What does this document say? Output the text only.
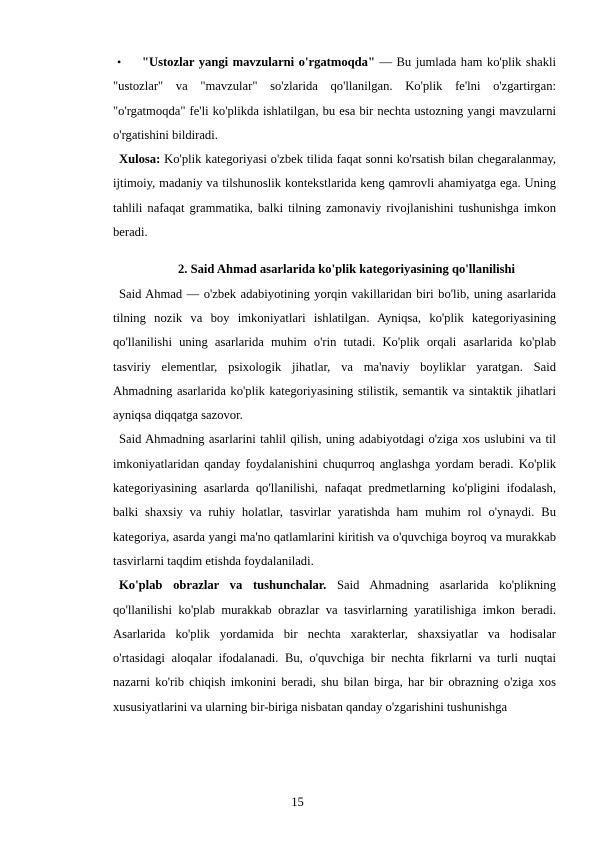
•	"Ustozlar yangi mavzularni o'rgatmoqda" — Bu jumlada ham ko'plik shakli "ustozlar" va "mavzular" so'zlarida qo'llanilgan. Ko'plik fe'lni o'zgartirgan: "o'rgatmoqda" fe'li ko'plikda ishlatilgan, bu esa bir nechta ustozning yangi mavzularni o'rgatishini bildiradi.

Xulosa: Ko'plik kategoriyasi o'zbek tilida faqat sonni ko'rsatish bilan chegaralanmay, ijtimoiy, madaniy va tilshunoslik kontekstlarida keng qamrovli ahamiyatga ega. Uning tahlili nafaqat grammatika, balki tilning zamonaviy rivojlanishini tushunishga imkon beradi.

2. Said Ahmad asarlarida ko'plik kategoriyasining qo'llanilishi

Said Ahmad — o'zbek adabiyotining yorqin vakillaridan biri bo'lib, uning asarlarida tilning nozik va boy imkoniyatlari ishlatilgan. Ayniqsa, ko'plik kategoriyasining qo'llanilishi uning asarlarida muhim o'rin tutadi. Ko'plik orqali asarlarida ko'plab tasviriy elementlar, psixologik jihatlar, va ma'naviy boyliklar yaratgan. Said Ahmadning asarlarida ko'plik kategoriyasining stilistik, semantik va sintaktik jihatlari ayniqsa diqqatga sazovor.

Said Ahmadning asarlarini tahlil qilish, uning adabiyotdagi o'ziga xos uslubini va til imkoniyatlaridan qanday foydalanishini chuqurroq anglashga yordam beradi. Ko'plik kategoriyasining asarlarda qo'llanilishi, nafaqat predmetlarning ko'pligini ifodalash, balki shaxsiy va ruhiy holatlar, tasvirlar yaratishda ham muhim rol o'ynaydi. Bu kategoriya, asarda yangi ma'no qatlamlarini kiritish va o'quvchiga boyroq va murakkab tasvirlarni taqdim etishda foydalaniladi.

Ko'plab obrazlar va tushunchalar. Said Ahmadning asarlarida ko'plikning qo'llanilishi ko'plab murakkab obrazlar va tasvirlarning yaratilishiga imkon beradi. Asarlarida ko'plik yordamida bir nechta xarakterlar, shaxsiyatlar va hodisalar o'rtasidagi aloqalar ifodalanadi. Bu, o'quvchiga bir nechta fikrlarni va turli nuqtai nazarni ko'rib chiqish imkonini beradi, shu bilan birga, har bir obrazning o'ziga xos xususiyatlarini va ularning bir-biriga nisbatan qanday o'zgarishini tushunishga

15
